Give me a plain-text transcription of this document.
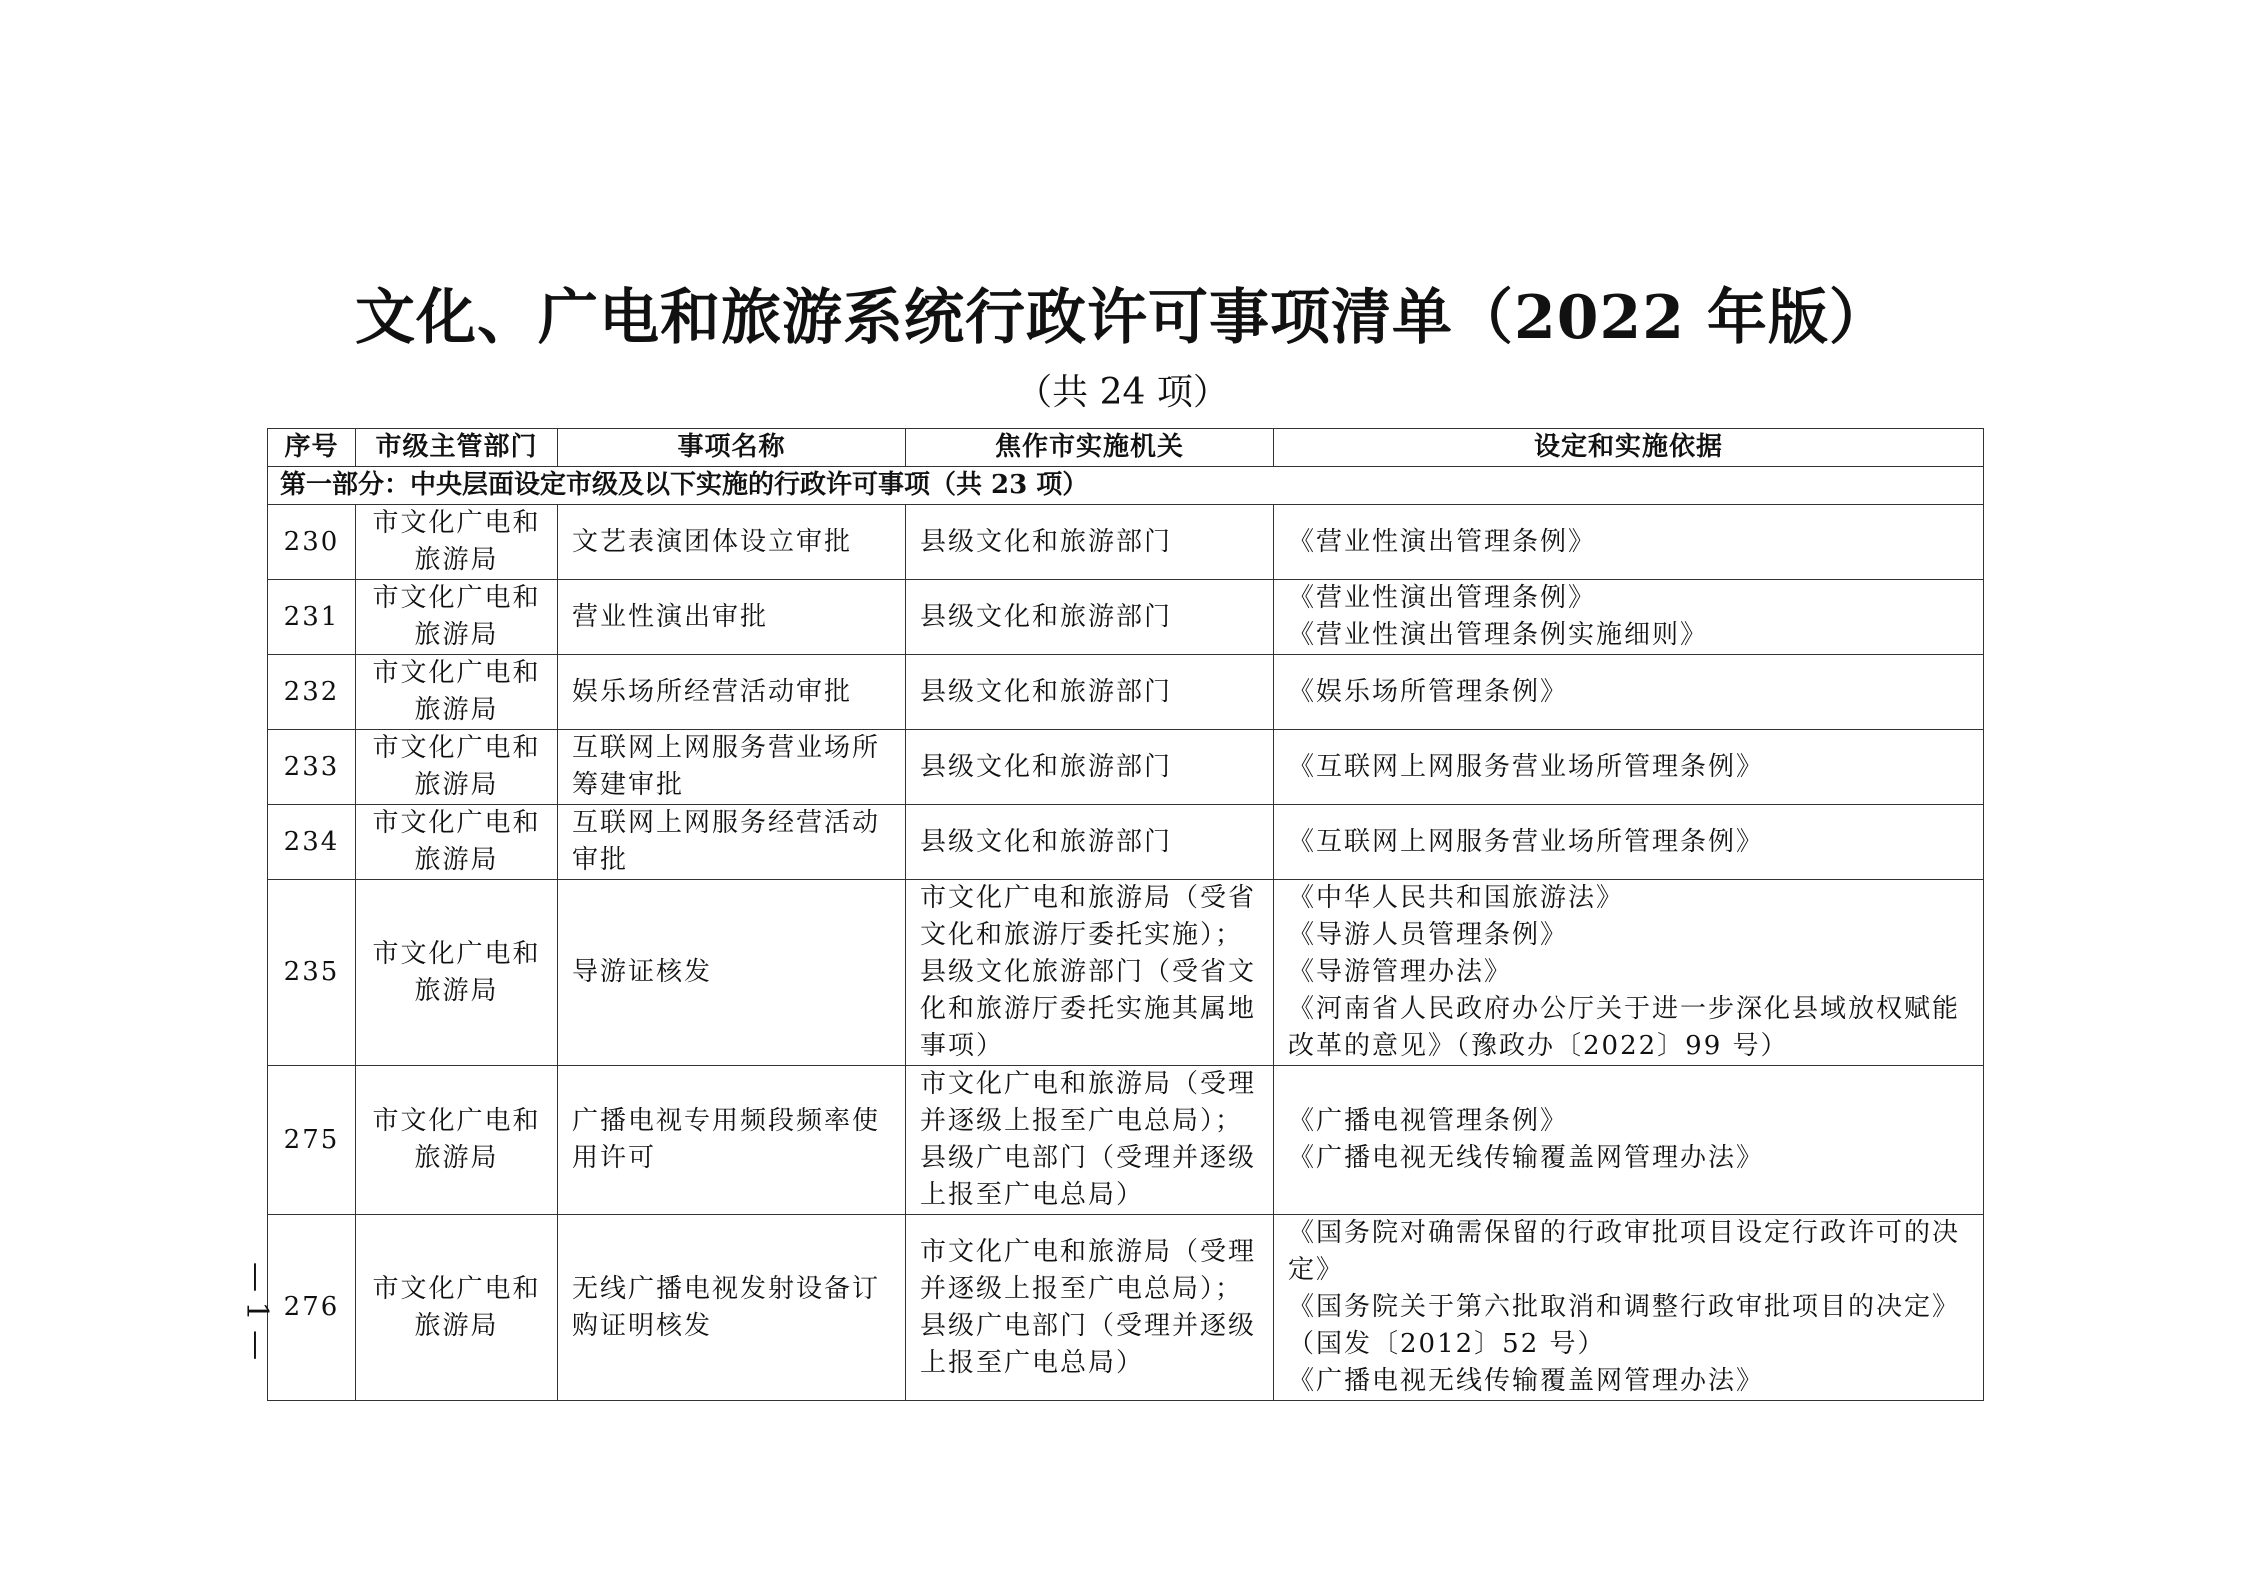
文化、广电和旅游系统行政许可事项清单（2022 年版）
（共 24 项）
序号	市级主管部门	事项名称	焦作市实施机关	设定和实施依据
第一部分：中央层面设定市级及以下实施的行政许可事项（共 23 项）				
230	市文化广电和
旅游局	文艺表演团体设立审批	县级文化和旅游部门	《营业性演出管理条例》

231	市文化广电和
旅游局	营业性演出审批	县级文化和旅游部门	《营业性演出管理条例》
《营业性演出管理条例实施细则》

232	市文化广电和
旅游局	娱乐场所经营活动审批	县级文化和旅游部门	《娱乐场所管理条例》

233	市文化广电和
旅游局	互联网上网服务营业场所
筹建审批	县级文化和旅游部门	《互联网上网服务营业场所管理条例》

234	市文化广电和
旅游局	互联网上网服务经营活动
审批	县级文化和旅游部门	《互联网上网服务营业场所管理条例》

235	市文化广电和
旅游局	导游证核发	市文化广电和旅游局（受省
文化和旅游厅委托实施）；
县级文化旅游部门（受省文
化和旅游厅委托实施其属地
事项）	《中华人民共和国旅游法》
《导游人员管理条例》
《导游管理办法》
《河南省人民政府办公厅关于进一步深化县域放权赋能
改革的意见》（豫政办〔2022〕99 号）

275	市文化广电和
旅游局	广播电视专用频段频率使
用许可	市文化广电和旅游局（受理
并逐级上报至广电总局）；
县级广电部门（受理并逐级
上报至广电总局）	《广播电视管理条例》
《广播电视无线传输覆盖网管理办法》

276	市文化广电和
旅游局	无线广播电视发射设备订
购证明核发	市文化广电和旅游局（受理
并逐级上报至广电总局）；
县级广电部门（受理并逐级
上报至广电总局）	《国务院对确需保留的行政审批项目设定行政许可的决
定》
《国务院关于第六批取消和调整行政审批项目的决定》
（国发〔2012〕52 号）
《广播电视无线传输覆盖网管理办法》
— 1 —
